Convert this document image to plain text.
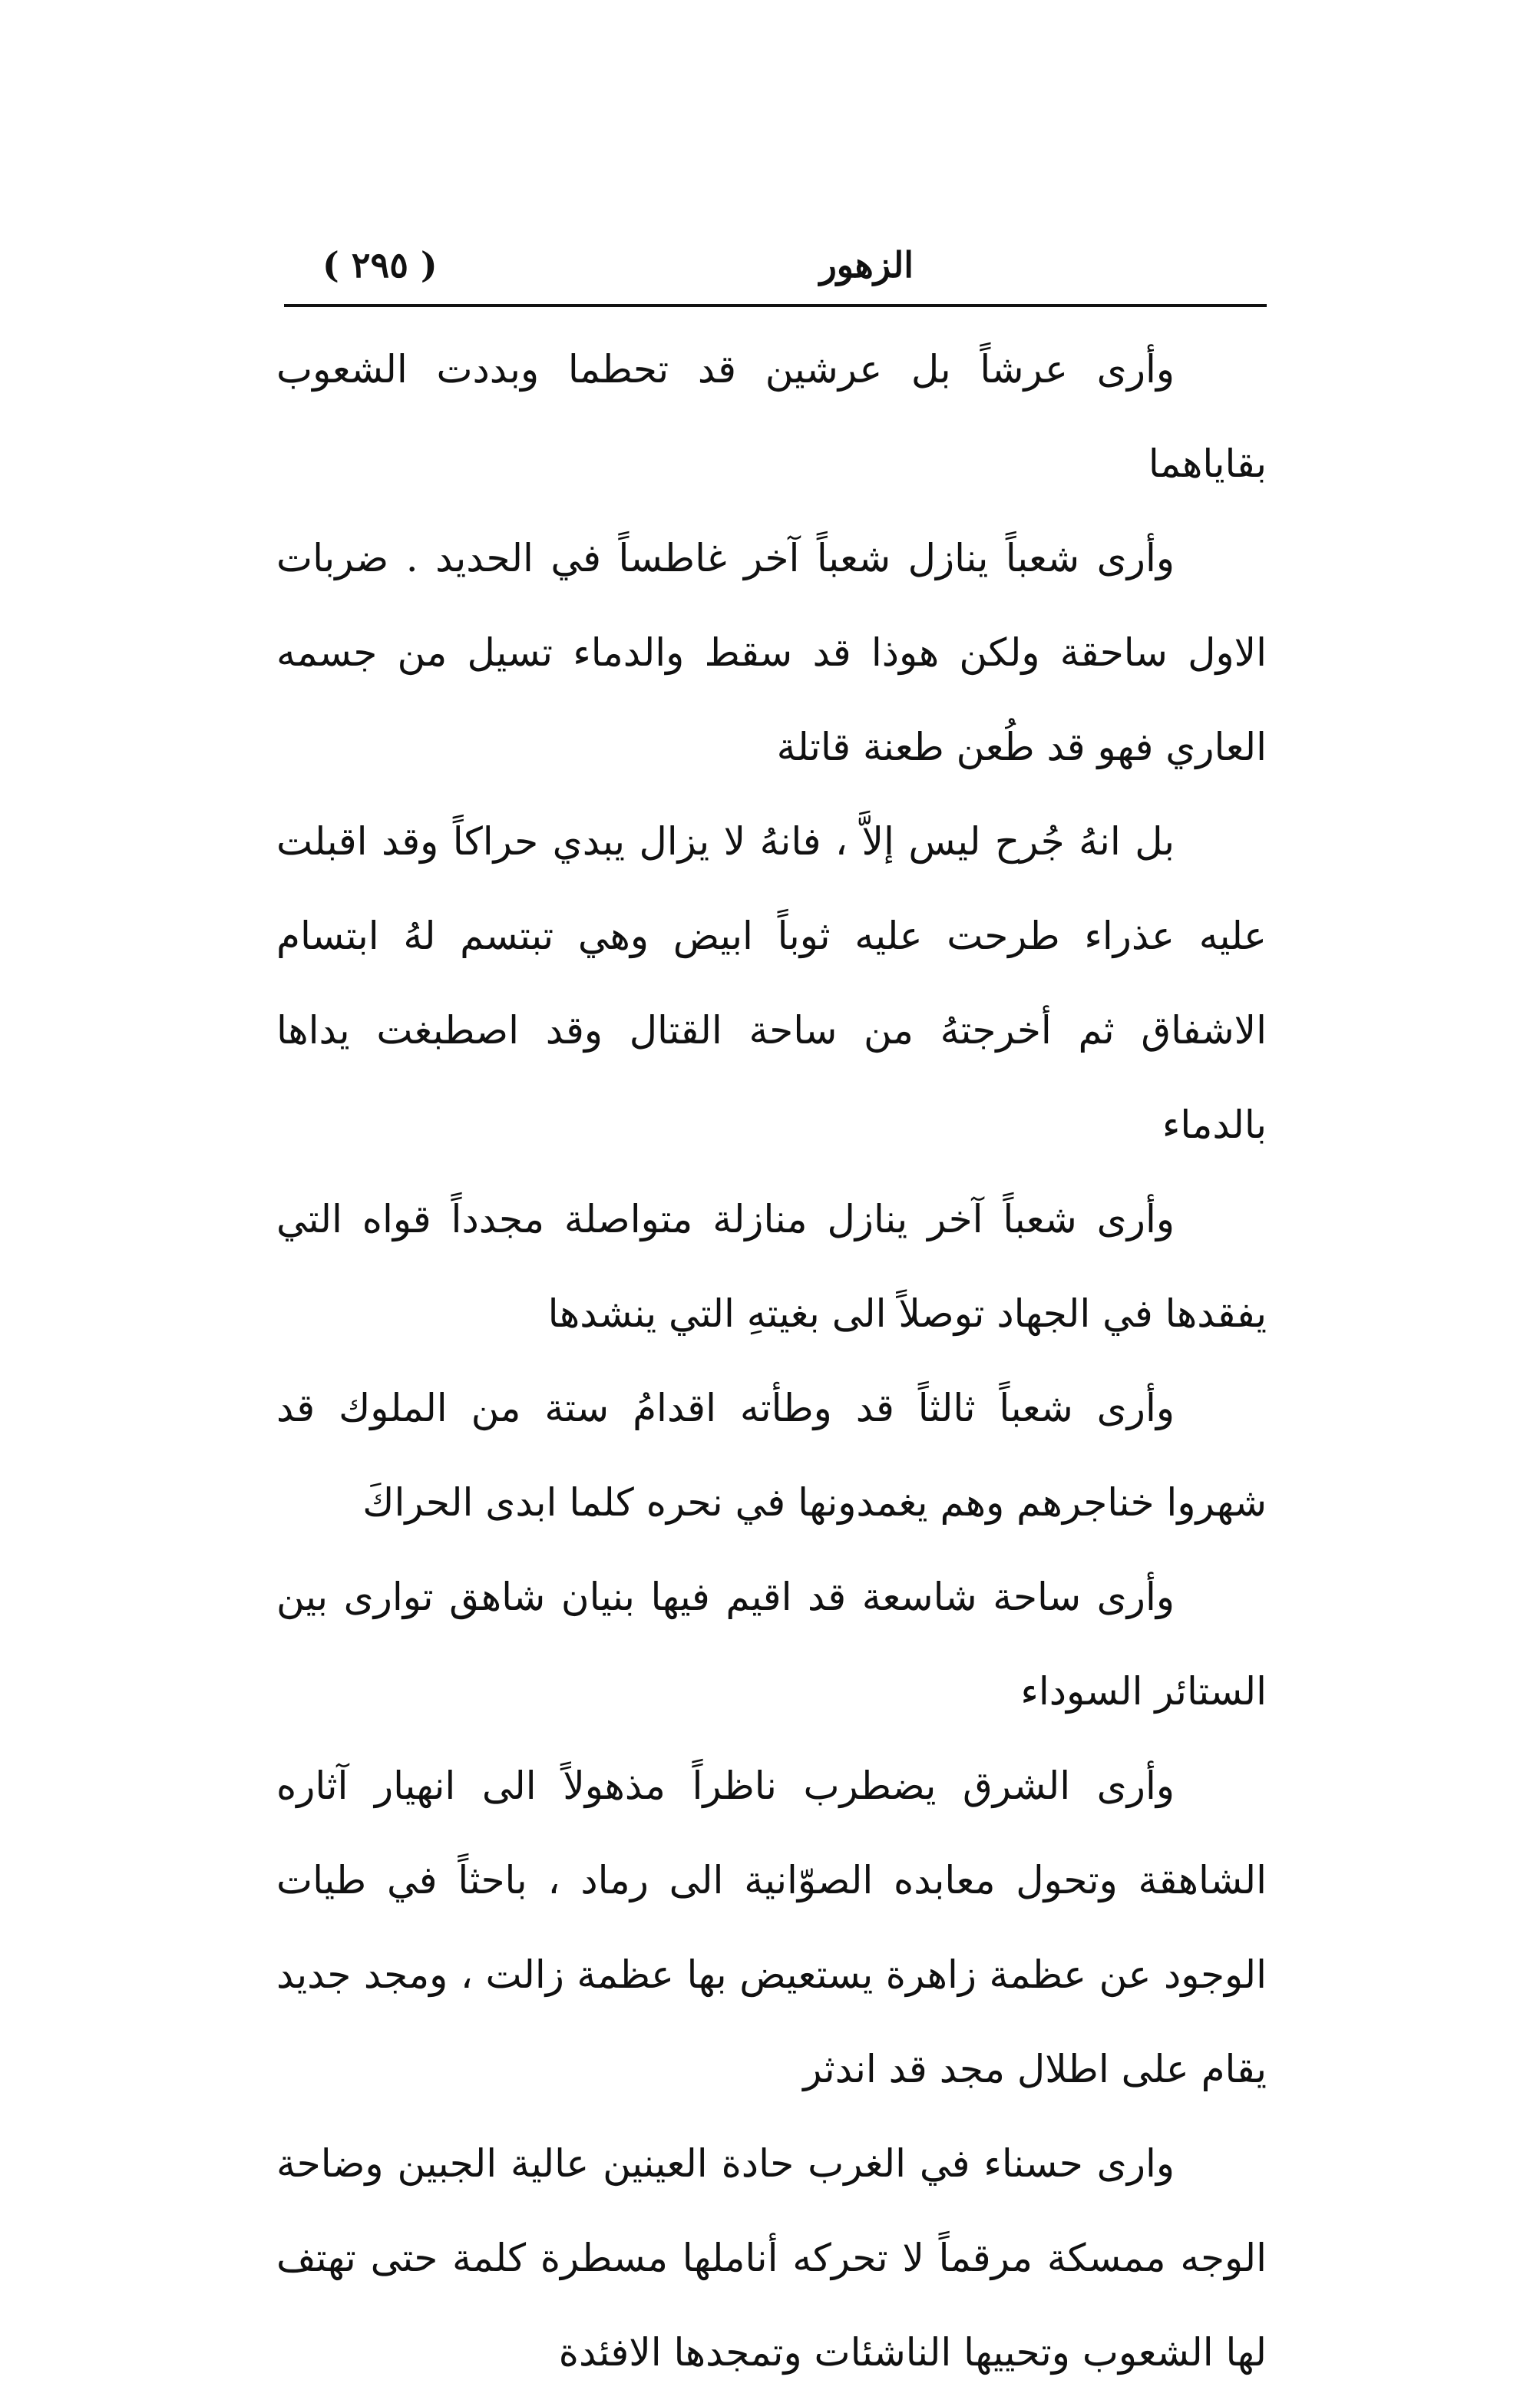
الزهور
( ٢٩٥ )

وأرى عرشاً بل عرشين قد تحطما وبددت الشعوب بقاياهما

وأرى شعباً ينازل شعباً آخر غاطساً في الحديد . ضربات الاول ساحقة ولكن هوذا قد سقط والدماء تسيل من جسمه العاري فهو قد طُعن طعنة قاتلة

بل انهُ جُرح ليس إلاَّ ، فانهُ لا يزال يبدي حراكاً وقد اقبلت عليه عذراء طرحت عليه ثوباً ابيض وهي تبتسم لهُ ابتسام الاشفاق ثم أخرجتهُ من ساحة القتال وقد اصطبغت يداها بالدماء

وأرى شعباً آخر ينازل منازلة متواصلة مجدداً قواه التي يفقدها في الجهاد توصلاً الى بغيتهِ التي ينشدها

وأرى شعباً ثالثاً قد وطأته اقدامُ ستة من الملوك قد شهروا خناجرهم وهم يغمدونها في نحره كلما ابدى الحراكَ

وأرى ساحة شاسعة قد اقيم فيها بنيان شاهق توارى بين الستائر السوداء

وأرى الشرق يضطرب ناظراً مذهولاً الى انهيار آثاره الشاهقة وتحول معابده الصوّانية الى رماد ، باحثاً في طيات الوجود عن عظمة زاهرة يستعيض بها عظمة زالت ، ومجد جديد يقام على اطلال مجد قد اندثر

وارى حسناء في الغرب حادة العينين عالية الجبين وضاحة الوجه ممسكة مرقماً لا تحركه أناملها مسطرة كلمة حتى تهتف لها الشعوب وتحييها الناشئات وتمجدها الافئدة
